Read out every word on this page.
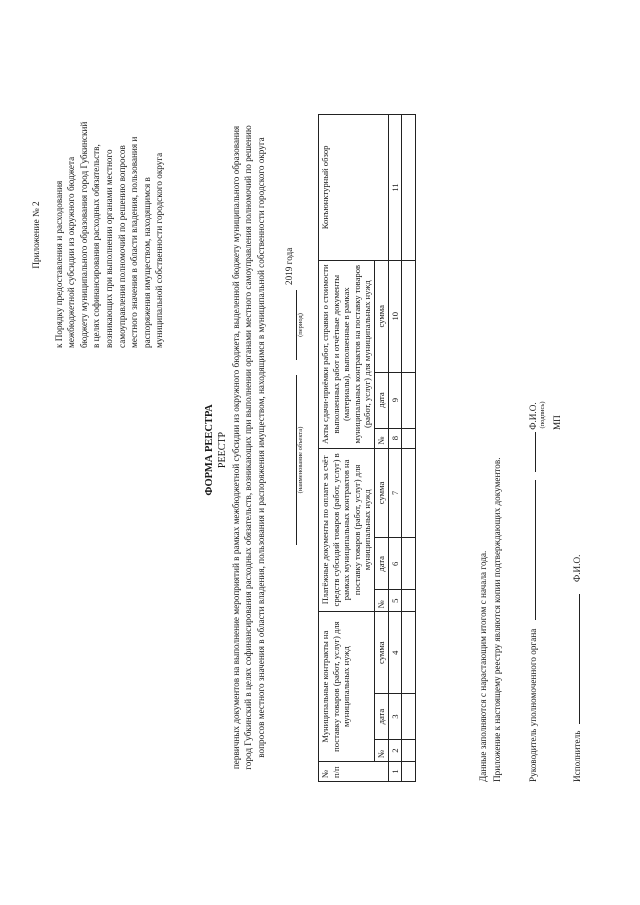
Приложение № 2 к Порядку предоставления и расходования межбюджетной субсидии из окружного бюджета бюджету муниципального образования город Губкинский в целях софинансирования расходных обязательств, возникающих при выполнении органами местного самоуправления полномочий по решению вопросов местного значения в области владения, пользования и распоряжения имуществом, находящимся в муниципальной собственности городского округа
ФОРМА РЕЕСТРА РЕЕСТР первичных документов на выполнение мероприятий в рамках межбюджетной субсидии из окружного бюджета, выделенной бюджету муниципального образования город Губкинский в целях софинансирования расходных обязательств, возникающих при выполнении органами местного самоуправления полномочий по решению вопросов местного значения в области владения, пользования и распоряжения имуществом, находящимся в муниципальной собственности городского округа	(наименование объекта)
(период)
2019 года
№ п/п	Муниципальные контракты на поставку товаров (работ, услуг) для муниципальных нужд			Платёжные документы по оплате за счёт средств субсидий товаров (работ, услуг) в рамках муниципальных контрактов на поставку товаров (работ, услуг) для муниципальных нужд			Акты сдачи-приёмки работ, справки о стоимости выполненных работ и отчётные документы (материалы), выполненные в рамках муниципальных контрактов на поставку товаров (работ, услуг) для муниципальных нужд			Конъюнктурный обзор
	№	дата	сумма	№	дата	сумма	№	дата	сумма	
1	2	3	4	5	6	7	8	9	10	11

Данные заполняются с нарастающим итогом с начала года. Приложение к настоящему реестру являются копии подтверждающих документов.	Руководитель уполномоченного органа   Ф.И.О. (подпись) МП
Исполнитель  Ф.И.О.
